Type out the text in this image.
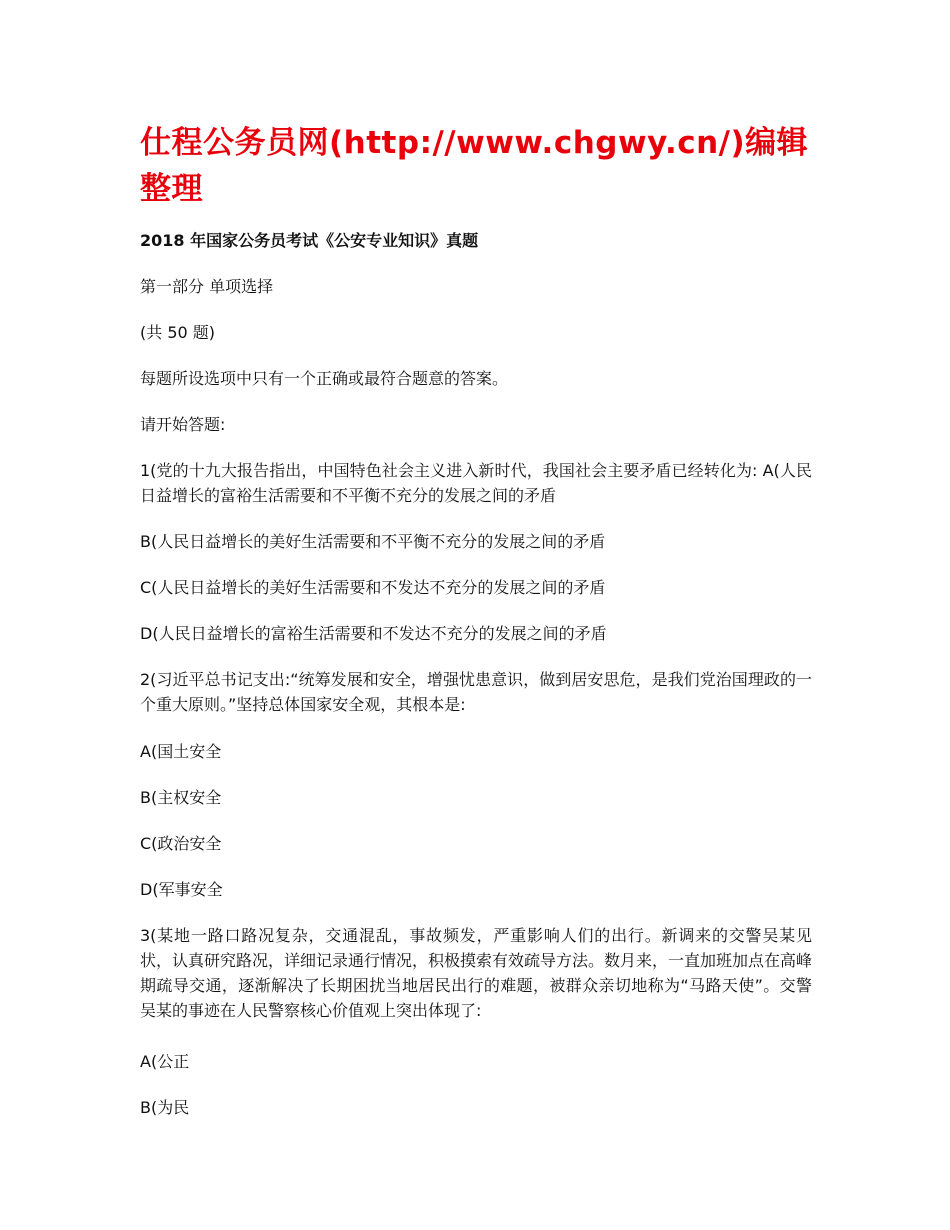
仕程公务员网(http://www.chgwy.cn/)编辑整理

2018 年国家公务员考试《公安专业知识》真题

第一部分 单项选择

(共 50 题)

每题所设选项中只有一个正确或最符合题意的答案。

请开始答题:

1(党的十九大报告指出，中国特色社会主义进入新时代，我国社会主要矛盾已经转化为: A(人民日益增长的富裕生活需要和不平衡不充分的发展之间的矛盾

B(人民日益增长的美好生活需要和不平衡不充分的发展之间的矛盾

C(人民日益增长的美好生活需要和不发达不充分的发展之间的矛盾

D(人民日益增长的富裕生活需要和不发达不充分的发展之间的矛盾

2(习近平总书记支出:“统筹发展和安全，增强忧患意识，做到居安思危，是我们党治国理政的一个重大原则。”坚持总体国家安全观，其根本是:

A(国土安全

B(主权安全

C(政治安全

D(军事安全

3(某地一路口路况复杂，交通混乱，事故频发，严重影响人们的出行。新调来的交警吴某见状，认真研究路况，详细记录通行情况，积极摸索有效疏导方法。数月来，一直加班加点在高峰期疏导交通，逐渐解决了长期困扰当地居民出行的难题，被群众亲切地称为“马路天使”。交警吴某的事迹在人民警察核心价值观上突出体现了:

A(公正

B(为民
